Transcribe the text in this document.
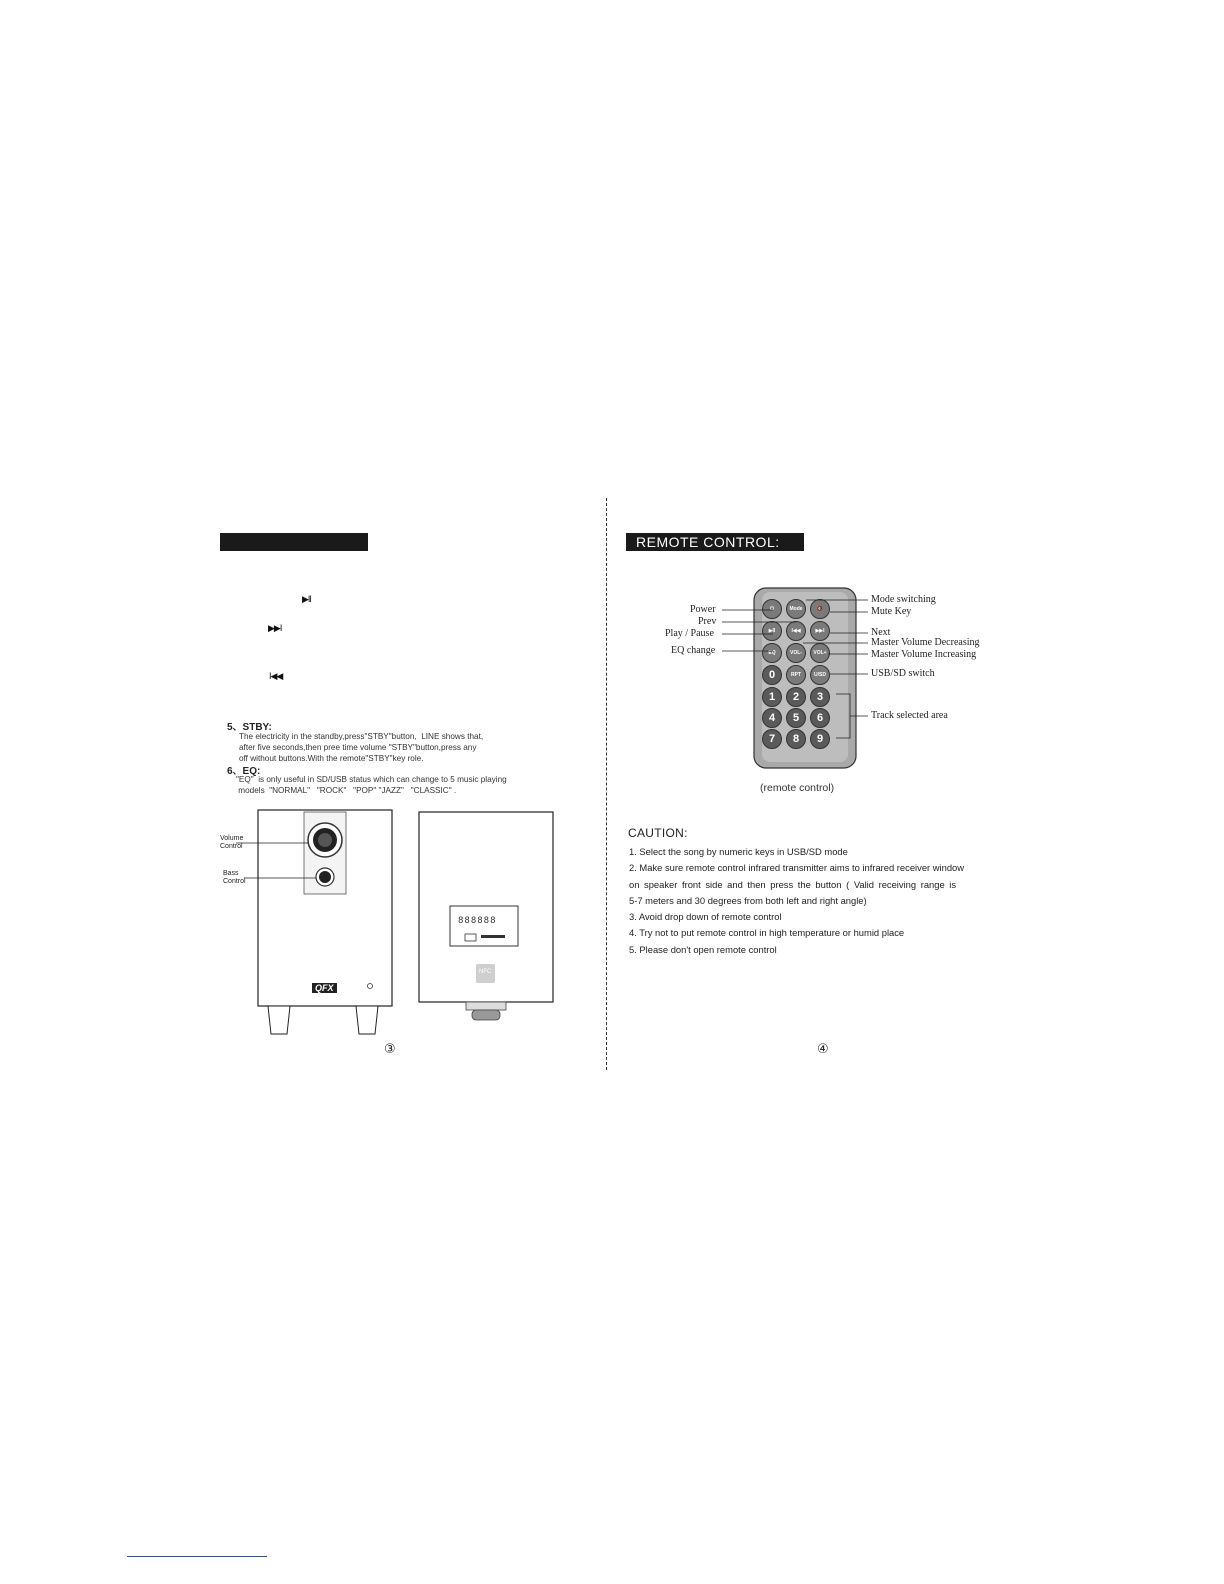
▶II
▶▶I
I◀◀
5、STBY:
The electricity in the standby,press"STBY"button,  LINE shows that,
after five seconds,then pree time volume "STBY"button,press any
off without buttons.With the remote"STBY"key role.
6、EQ:
"EQ"  is only useful in SD/USB status which can change to 5 music playing
models  "NORMAL"   "ROCK"   "POP" "JAZZ"   "CLASSIC" .
Volume
Control
Bass
Control
QFX
888888
NFC
③
REMOTE CONTROL:
⏻	Mode	🔇
▶II	I◀◀	▶▶I
EQ	VOL-	VOL+
0	RPT	U/SD
1	2	3
4	5	6
7	8	9
Power
Prev
Play / Pause
EQ change
Mode switching
Mute Key
Next
Master Volume Decreasing
Master Volume Increasing
USB/SD switch
Track selected area
(remote control)
CAUTION:
1. Select the song by numeric keys in USB/SD mode
2. Make sure remote control infrared transmitter aims to infrared receiver window
on speaker front side and then press the button ( Valid receiving range is
5-7 meters and 30 degrees from both left and right angle)
3. Avoid drop down of remote control
4. Try not to put remote control in high temperature or humid place
5. Please don't open remote control
④
